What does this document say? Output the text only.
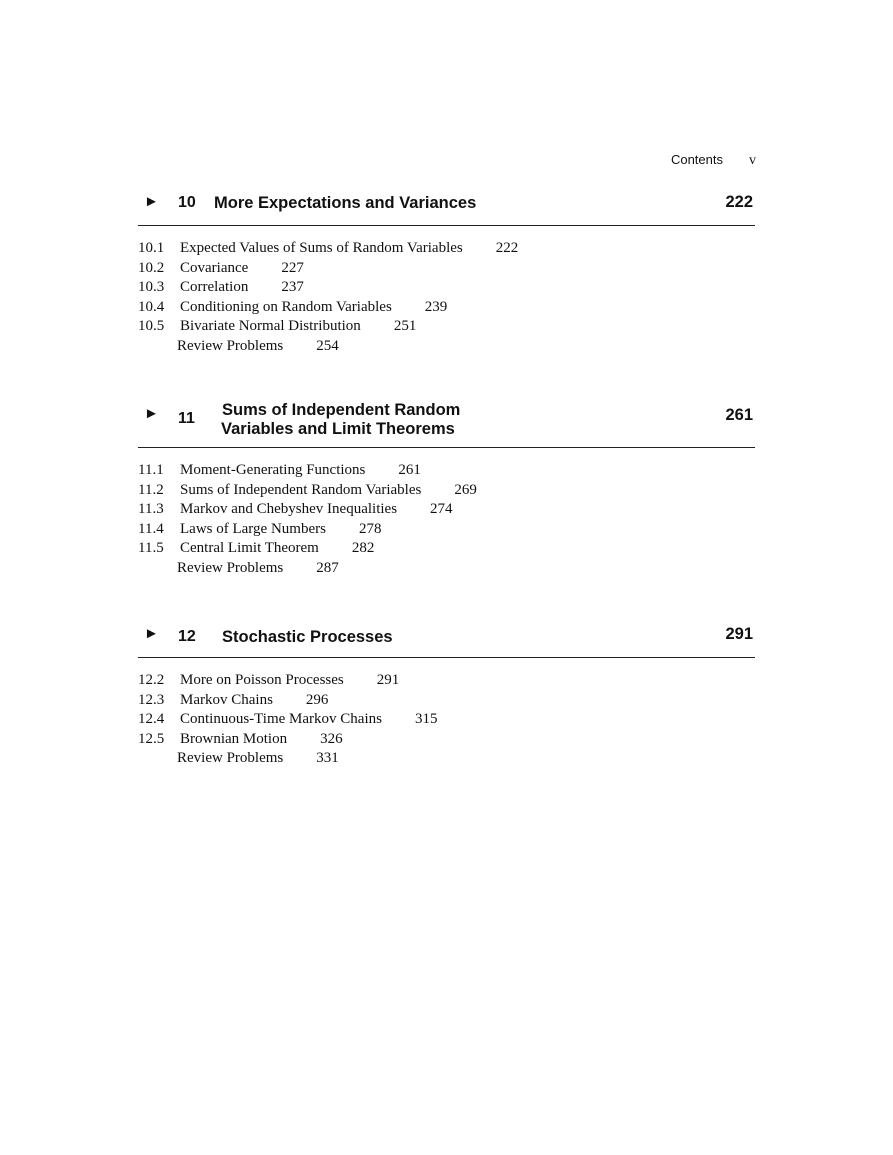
Contents v
► 10 More Expectations and Variances	222
10.1 Expected Values of Sums of Random Variables 222
10.2 Covariance 227
10.3 Correlation 237
10.4 Conditioning on Random Variables 239
10.5 Bivariate Normal Distribution 251
Review Problems 254
► 11 Sums of Independent Random
Variables and Limit Theorems
261
11.1 Moment-Generating Functions 261
11.2 Sums of Independent Random Variables 269
11.3 Markov and Chebyshev Inequalities 274
11.4 Laws of Large Numbers 278
11.5 Central Limit Theorem 282
Review Problems 287
► 12 Stochastic Processes	291
12.2 More on Poisson Processes 291
12.3 Markov Chains 296
12.4 Continuous-Time Markov Chains 315
12.5 Brownian Motion 326
Review Problems 331
